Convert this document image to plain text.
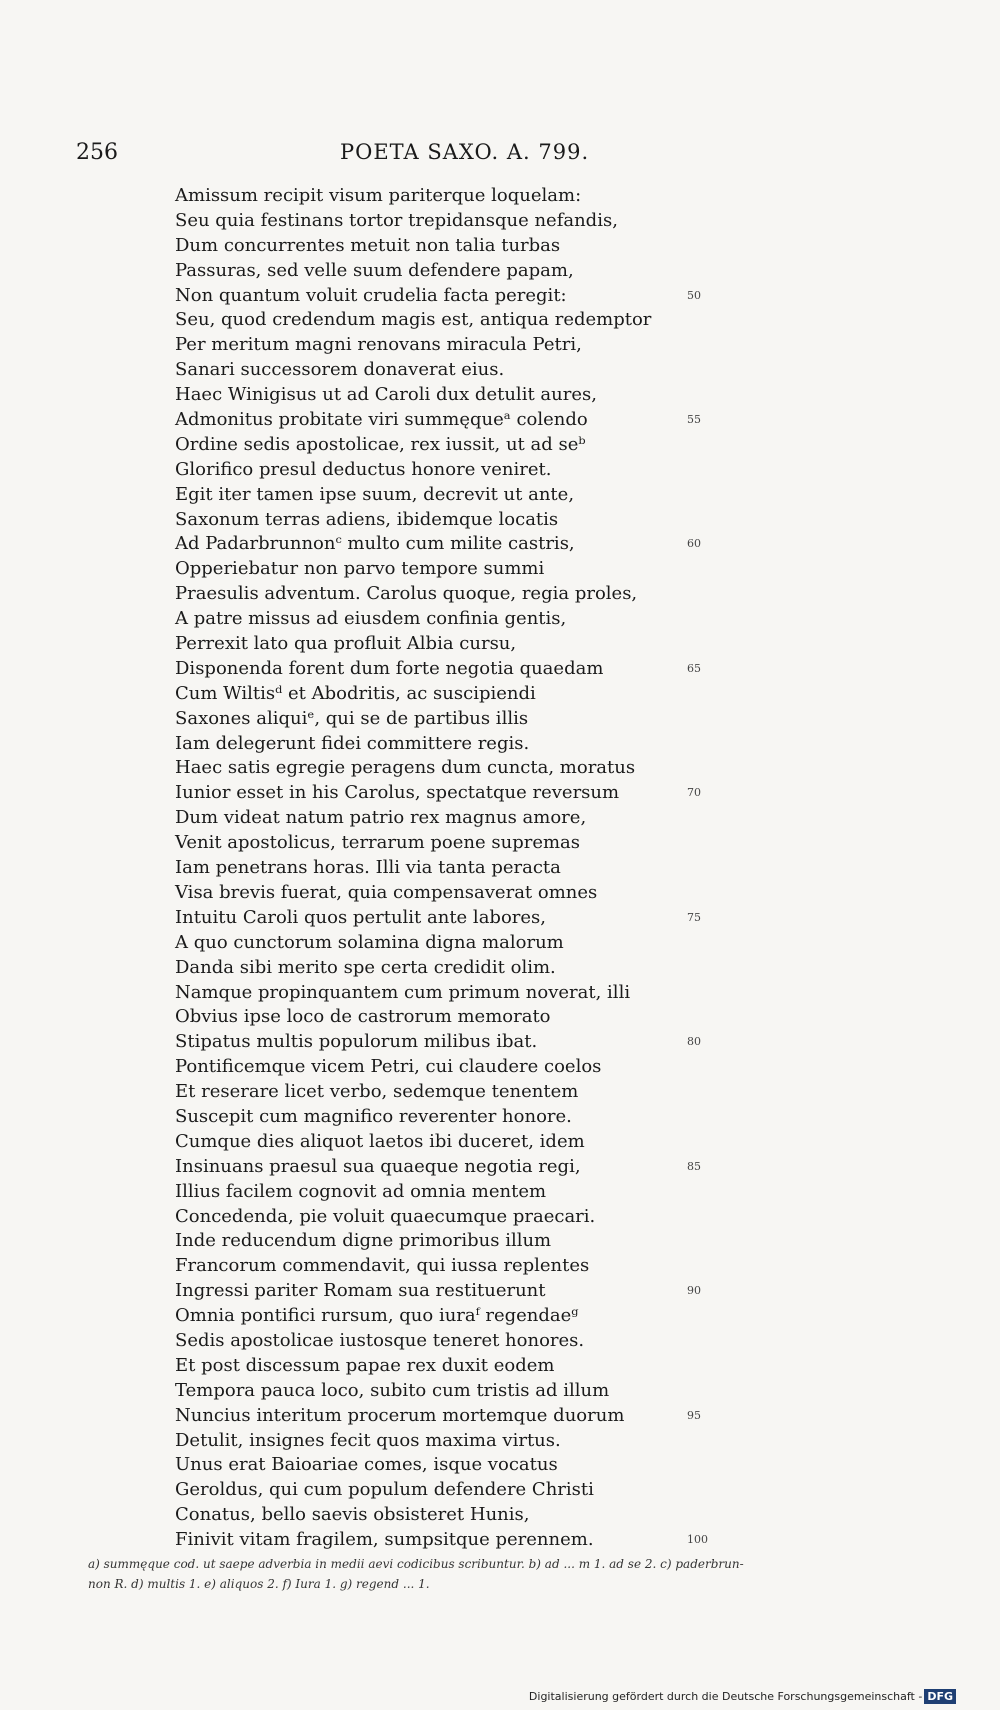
256	POETA SAXO. A. 799.
Amissum recipit visum pariterque loquelam:
Seu quia festinans tortor trepidansque nefandis,
Dum concurrentes metuit non talia turbas
Passuras, sed velle suum defendere papam,
Non quantum voluit crudelia facta peregit:	50
Seu, quod credendum magis est, antiqua redemptor
Per meritum magni renovans miracula Petri,
Sanari successorem donaverat eius.
Haec Winigisus ut ad Caroli dux detulit aures,
Admonitus probitate viri summęqueᵃ colendo	55
Ordine sedis apostolicae, rex iussit, ut ad seᵇ
Glorifico presul deductus honore veniret.
Egit iter tamen ipse suum, decrevit ut ante,
Saxonum terras adiens, ibidemque locatis
Ad Padarbrunnonᶜ multo cum milite castris,	60
Opperiebatur non parvo tempore summi
Praesulis adventum. Carolus quoque, regia proles,
A patre missus ad eiusdem confinia gentis,
Perrexit lato qua profluit Albia cursu,
Disponenda forent dum forte negotia quaedam	65
Cum Wiltisᵈ et Abodritis, ac suscipiendi
Saxones aliquiᵉ, qui se de partibus illis
Iam delegerunt fidei committere regis.
Haec satis egregie peragens dum cuncta, moratus
Iunior esset in his Carolus, spectatque reversum	70
Dum videat natum patrio rex magnus amore,
Venit apostolicus, terrarum poene supremas
Iam penetrans horas. Illi via tanta peracta
Visa brevis fuerat, quia compensaverat omnes
Intuitu Caroli quos pertulit ante labores,	75
A quo cunctorum solamina digna malorum
Danda sibi merito spe certa credidit olim.
Namque propinquantem cum primum noverat, illi
Obvius ipse loco de castrorum memorato
Stipatus multis populorum milibus ibat.	80
Pontificemque vicem Petri, cui claudere coelos
Et reserare licet verbo, sedemque tenentem
Suscepit cum magnifico reverenter honore.
Cumque dies aliquot laetos ibi duceret, idem
Insinuans praesul sua quaeque negotia regi,	85
Illius facilem cognovit ad omnia mentem
Concedenda, pie voluit quaecumque praecari.
Inde reducendum digne primoribus illum
Francorum commendavit, qui iussa replentes
Ingressi pariter Romam sua restituerunt	90
Omnia pontifici rursum, quo iuraᶠ regendaeᵍ
Sedis apostolicae iustosque teneret honores.
Et post discessum papae rex duxit eodem
Tempora pauca loco, subito cum tristis ad illum
Nuncius interitum procerum mortemque duorum	95
Detulit, insignes fecit quos maxima virtus.
Unus erat Baioariae comes, isque vocatus
Geroldus, qui cum populum defendere Christi
Conatus, bello saevis obsisteret Hunis,
Finivit vitam fragilem, sumpsitque perennem.	100
a) summęque cod. ut saepe adverbia in medii aevi codicibus scribuntur. b) ad ... m 1. ad se 2. c) paderbrun-
non R. d) multis 1. e) aliquos 2. f) Iura 1. g) regend ... 1.
Digitalisierung gefördert durch die Deutsche Forschungsgemeinschaft - DFG
